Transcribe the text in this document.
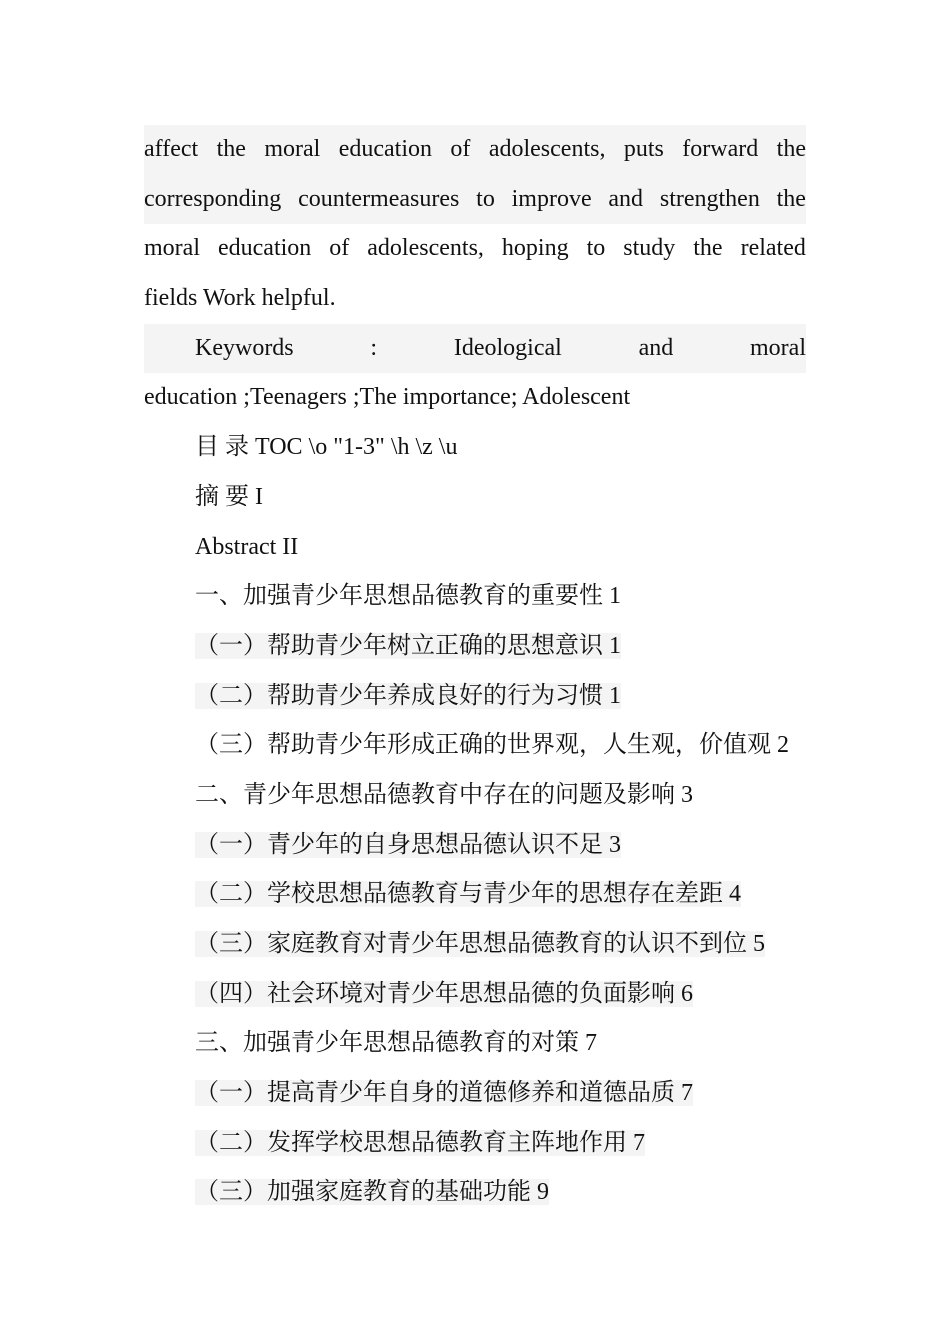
affect the moral education of adolescents, puts forward the
corresponding countermeasures to improve and strengthen the
moral education of adolescents, hoping to study the related
fields Work helpful.
Keywords	:	Ideological	and	moral
education ;Teenagers ;The importance; Adolescent
目 录 TOC \o "1-3" \h \z \u
摘 要 I
Abstract II
一、加强青少年思想品德教育的重要性 1
（一）帮助青少年树立正确的思想意识 1
（二）帮助青少年养成良好的行为习惯 1
（三）帮助青少年形成正确的世界观，人生观，价值观 2
二、青少年思想品德教育中存在的问题及影响 3
（一）青少年的自身思想品德认识不足 3
（二）学校思想品德教育与青少年的思想存在差距 4
（三）家庭教育对青少年思想品德教育的认识不到位 5
（四）社会环境对青少年思想品德的负面影响 6
三、加强青少年思想品德教育的对策 7
（一）提高青少年自身的道德修养和道德品质 7
（二）发挥学校思想品德教育主阵地作用 7
（三）加强家庭教育的基础功能 9
